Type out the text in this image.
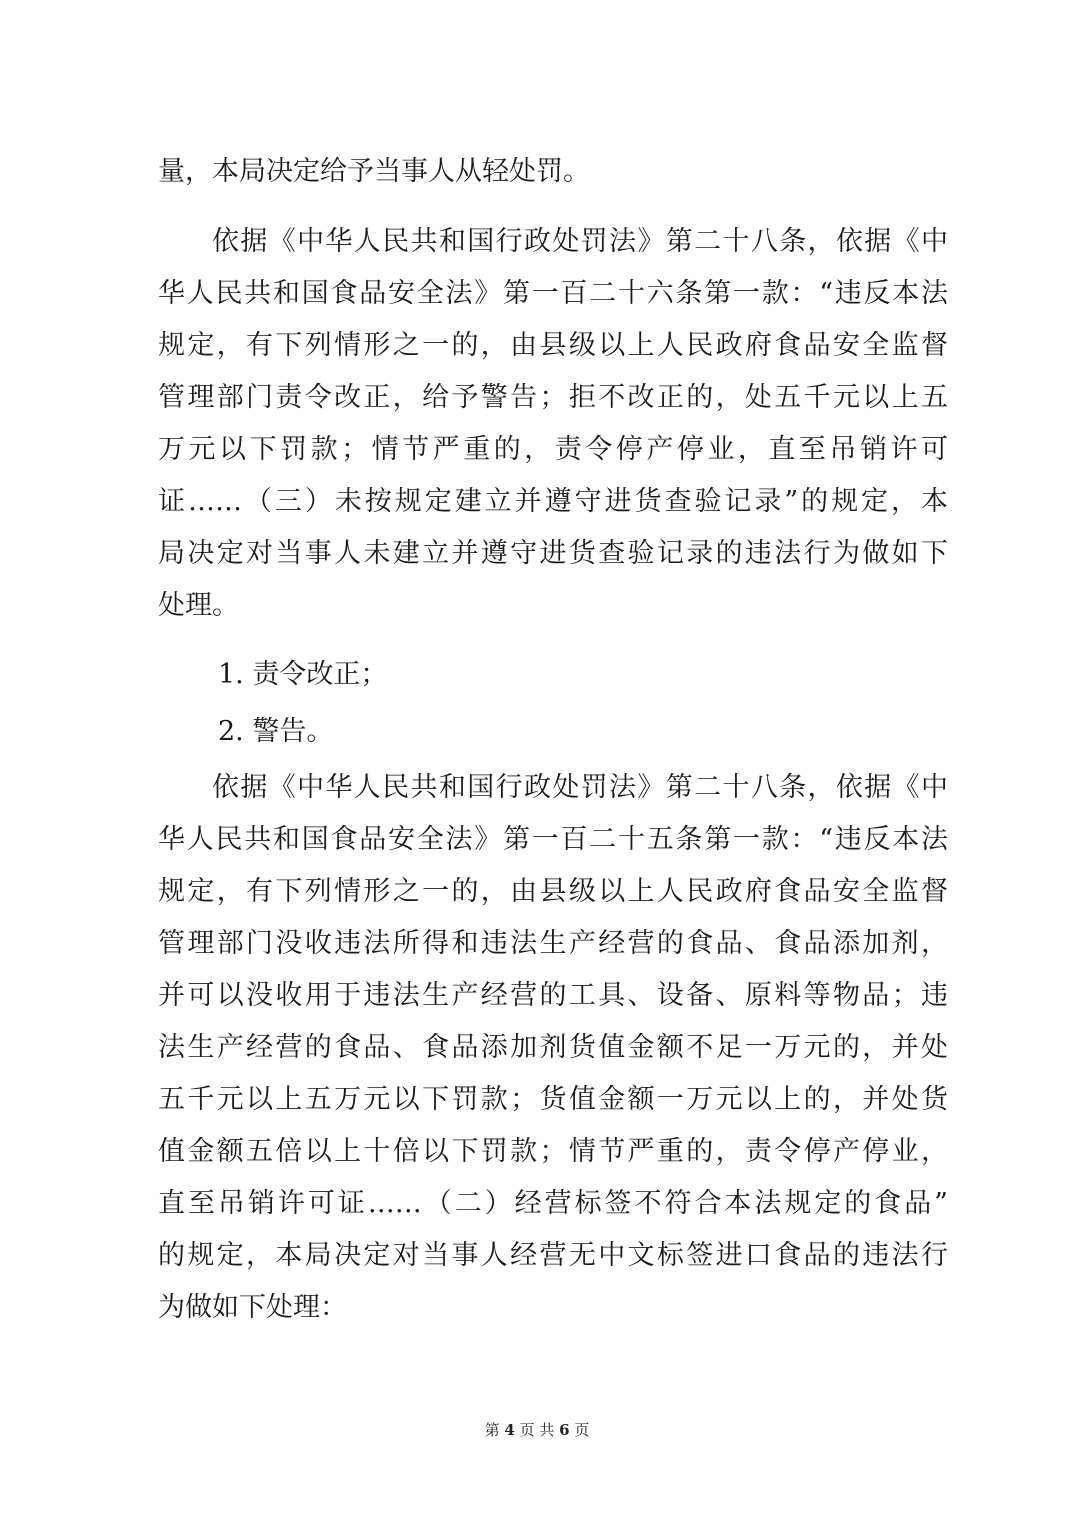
量，本局决定给予当事人从轻处罚。
依据《中华人民共和国行政处罚法》第二十八条，依据《中
华人民共和国食品安全法》第一百二十六条第一款：“违反本法
规定，有下列情形之一的，由县级以上人民政府食品安全监督
管理部门责令改正，给予警告；拒不改正的，处五千元以上五
万元以下罚款；情节严重的，责令停产停业，直至吊销许可
证……（三）未按规定建立并遵守进货查验记录”的规定，本
局决定对当事人未建立并遵守进货查验记录的违法行为做如下
处理。
1. 责令改正；
2. 警告。
依据《中华人民共和国行政处罚法》第二十八条，依据《中
华人民共和国食品安全法》第一百二十五条第一款：“违反本法
规定，有下列情形之一的，由县级以上人民政府食品安全监督
管理部门没收违法所得和违法生产经营的食品、食品添加剂，
并可以没收用于违法生产经营的工具、设备、原料等物品；违
法生产经营的食品、食品添加剂货值金额不足一万元的，并处
五千元以上五万元以下罚款；货值金额一万元以上的，并处货
值金额五倍以上十倍以下罚款；情节严重的，责令停产停业，
直至吊销许可证……（二）经营标签不符合本法规定的食品”
的规定，本局决定对当事人经营无中文标签进口食品的违法行
为做如下处理：
第 4 页 共 6 页
